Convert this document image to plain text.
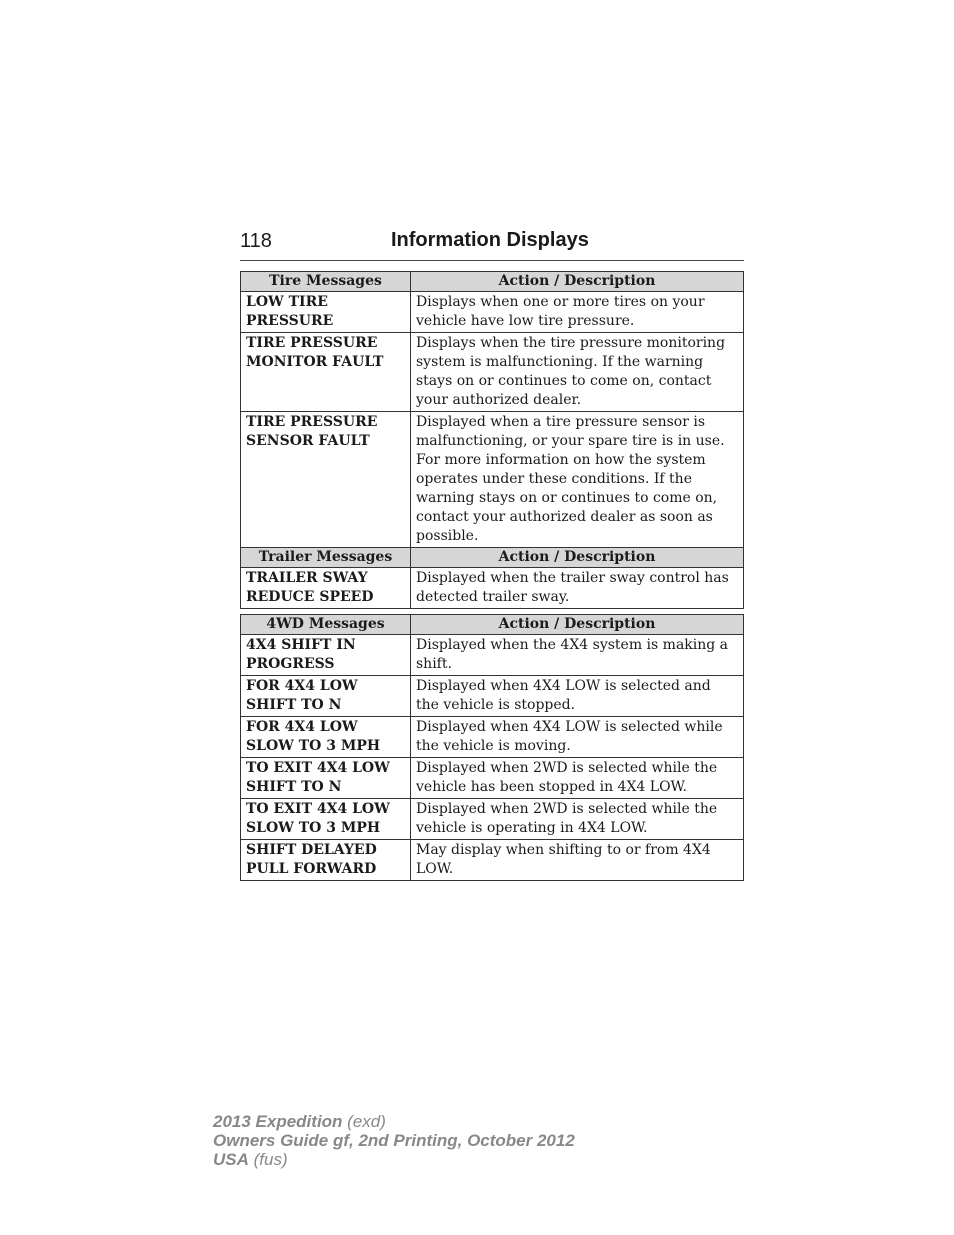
118	Information Displays
Tire Messages	Action / Description
LOW TIRE PRESSURE	Displays when one or more tires on your vehicle have low tire pressure.
TIRE PRESSURE MONITOR FAULT	Displays when the tire pressure monitoring system is malfunctioning. If the warning stays on or continues to come on, contact your authorized dealer.
TIRE PRESSURE SENSOR FAULT	Displayed when a tire pressure sensor is malfunctioning, or your spare tire is in use. For more information on how the system operates under these conditions. If the warning stays on or continues to come on, contact your authorized dealer as soon as possible.
Trailer Messages	Action / Description
TRAILER SWAY REDUCE SPEED	Displayed when the trailer sway control has detected trailer sway.
4WD Messages	Action / Description
4X4 SHIFT IN PROGRESS	Displayed when the 4X4 system is making a shift.
FOR 4X4 LOW SHIFT TO N	Displayed when 4X4 LOW is selected and the vehicle is stopped.
FOR 4X4 LOW SLOW TO 3 MPH	Displayed when 4X4 LOW is selected while the vehicle is moving.
TO EXIT 4X4 LOW SHIFT TO N	Displayed when 2WD is selected while the vehicle has been stopped in 4X4 LOW.
TO EXIT 4X4 LOW SLOW TO 3 MPH	Displayed when 2WD is selected while the vehicle is operating in 4X4 LOW.
SHIFT DELAYED PULL FORWARD	May display when shifting to or from 4X4 LOW.
2013 Expedition (exd)
Owners Guide gf, 2nd Printing, October 2012
USA (fus)
